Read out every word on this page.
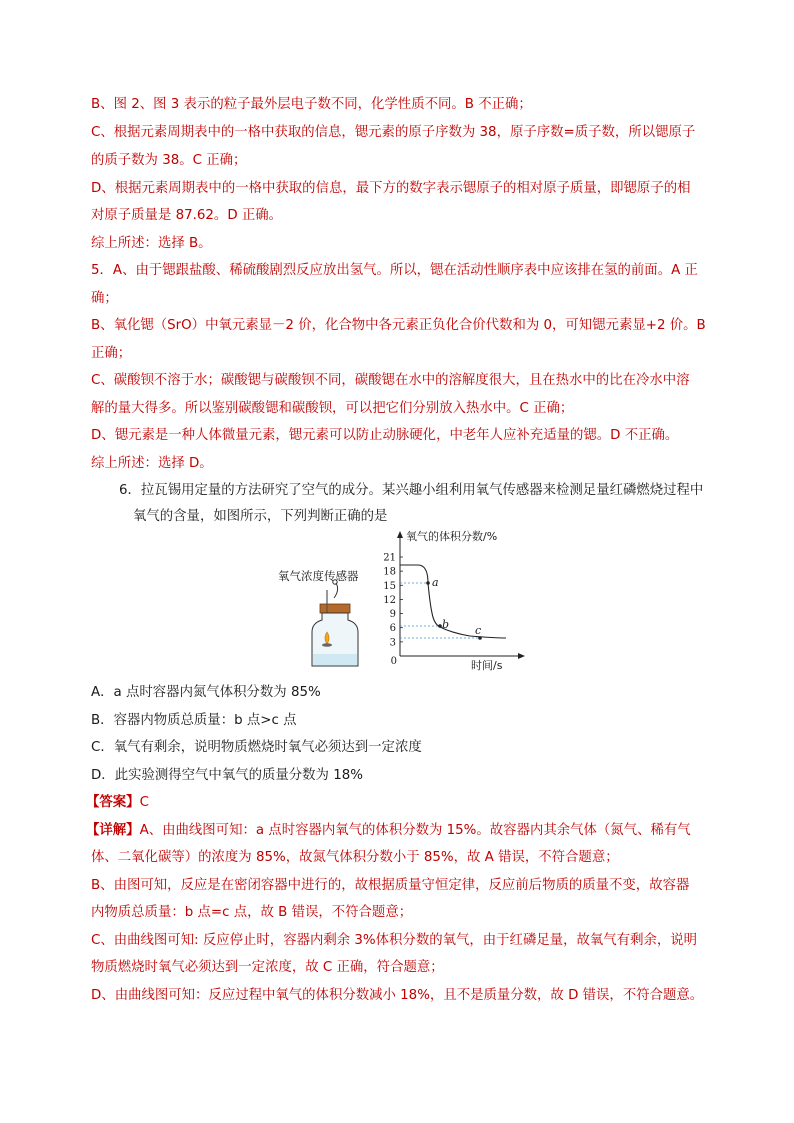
B、图 2、图 3 表示的粒子最外层电子数不同，化学性质不同。B 不正确；
C、根据元素周期表中的一格中获取的信息，锶元素的原子序数为 38，原子序数=质子数，所以锶原子
的质子数为 38。C 正确；
D、根据元素周期表中的一格中获取的信息，最下方的数字表示锶原子的相对原子质量，即锶原子的相
对原子质量是 87.62。D 正确。
综上所述：选择 B。
5．A、由于锶跟盐酸、稀硫酸剧烈反应放出氢气。所以，锶在活动性顺序表中应该排在氢的前面。A 正
确；
B、氧化锶（SrO）中氧元素显－2 价，化合物中各元素正负化合价代数和为 0，可知锶元素显+2 价。B
正确；
C、碳酸钡不溶于水；碳酸锶与碳酸钡不同，碳酸锶在水中的溶解度很大，且在热水中的比在冷水中溶
解的量大得多。所以鉴别碳酸锶和碳酸钡，可以把它们分别放入热水中。C 正确；
D、锶元素是一种人体微量元素，锶元素可以防止动脉硬化，中老年人应补充适量的锶。D 不正确。
综上所述：选择 D。
6．拉瓦锡用定量的方法研究了空气的成分。某兴趣小组利用氧气传感器来检测足量红磷燃烧过程中
氧气的含量，如图所示，下列判断正确的是
氧气浓度传感器
氧气的体积分数/%
时间/s
0
21
18
15
12
9
6
3
a
b c
A．a 点时容器内氮气体积分数为 85%
B．容器内物质总质量：b 点>c 点
C．氧气有剩余，说明物质燃烧时氧气必须达到一定浓度
D．此实验测得空气中氧气的质量分数为 18%
【答案】C
【详解】A、由曲线图可知：a 点时容器内氧气的体积分数为 15%。故容器内其余气体（氮气、稀有气
体、二氧化碳等）的浓度为 85%，故氮气体积分数小于 85%，故 A 错误，不符合题意；
B、由图可知，反应是在密闭容器中进行的，故根据质量守恒定律，反应前后物质的质量不变，故容器
内物质总质量：b 点=c 点，故 B 错误，不符合题意；
C、由曲线图可知: 反应停止时，容器内剩余 3%体积分数的氧气，由于红磷足量，故氧气有剩余，说明
物质燃烧时氧气必须达到一定浓度，故 C 正确，符合题意；
D、由曲线图可知：反应过程中氧气的体积分数减小 18%，且不是质量分数，故 D 错误，不符合题意。
